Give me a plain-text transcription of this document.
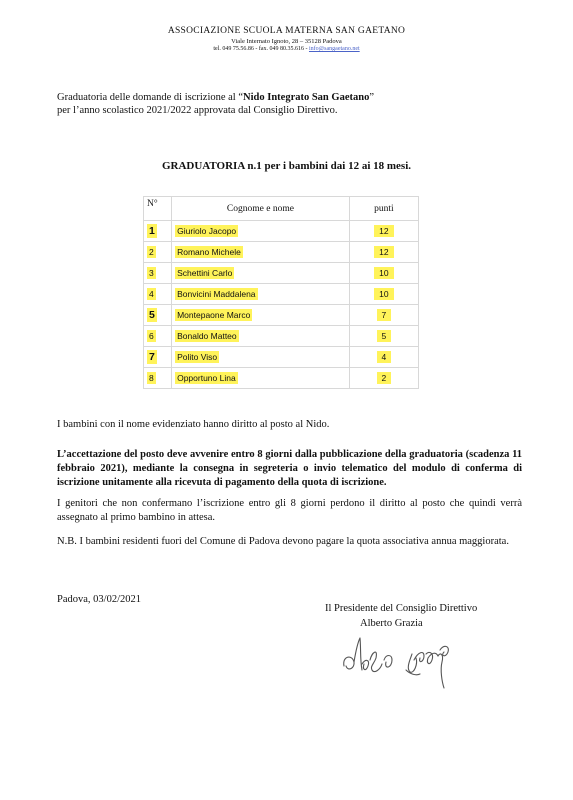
ASSOCIAZIONE SCUOLA MATERNA SAN GAETANO
Viale Internato Ignoto, 28 – 35128 Padova
tel. 049 75.56.86 - fax. 049 80.35.616 - info@sangaetano.net
Graduatoria delle domande di iscrizione al “Nido Integrato San Gaetano”
per l’anno scolastico 2021/2022 approvata dal Consiglio Direttivo.
GRADUATORIA n.1 per i bambini dai 12 ai 18 mesi.
N°	Cognome e nome	punti
1	Giuriolo Jacopo	12
2	Romano Michele	12
3	Schettini Carlo	10
4	Bonvicini Maddalena	10
5	Montepaone Marco	7
6	Bonaldo Matteo	5
7	Polito Viso	4
8	Opportuno Lina	2
I bambini con il nome evidenziato hanno diritto al posto al Nido.
L’accettazione del posto deve avvenire entro 8 giorni dalla pubblicazione della graduatoria (scadenza 11 febbraio 2021), mediante la consegna in segreteria o invio telematico del modulo di conferma di iscrizione unitamente alla ricevuta di pagamento della quota di iscrizione.
I genitori che non confermano l’iscrizione entro gli 8 giorni perdono il diritto al posto che quindi verrà assegnato al primo bambino in attesa.
N.B. I bambini residenti fuori del Comune di Padova devono pagare la quota associativa annua maggiorata.
Padova, 03/02/2021
Il Presidente del Consiglio Direttivo
Alberto Grazia
